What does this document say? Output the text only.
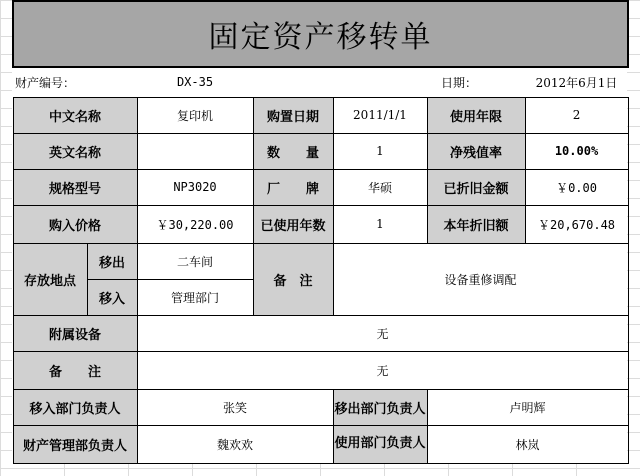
固定资产移转单						
财产编号：		DX-35			日期：	2012年6月1日
中文名称		复印机	购置日期	2011/1/1	使用年限	2
英文名称			数　　量	1	净残值率	10.00%
规格型号		NP3020	厂　　牌	华硕	已折旧金额	￥0.00
购入价格		￥30,220.00	已使用年数	1	本年折旧额	￥20,670.48
存放地点	移出	二车间	备　注	设备重修调配		
	移入	管理部门				
附属设备		无				
备　　注		无				
移入部门负责人		张笑		移出部门负责人	卢明辉	
财产管理部负责人		魏欢欢		使用部门负责人	林岚	
